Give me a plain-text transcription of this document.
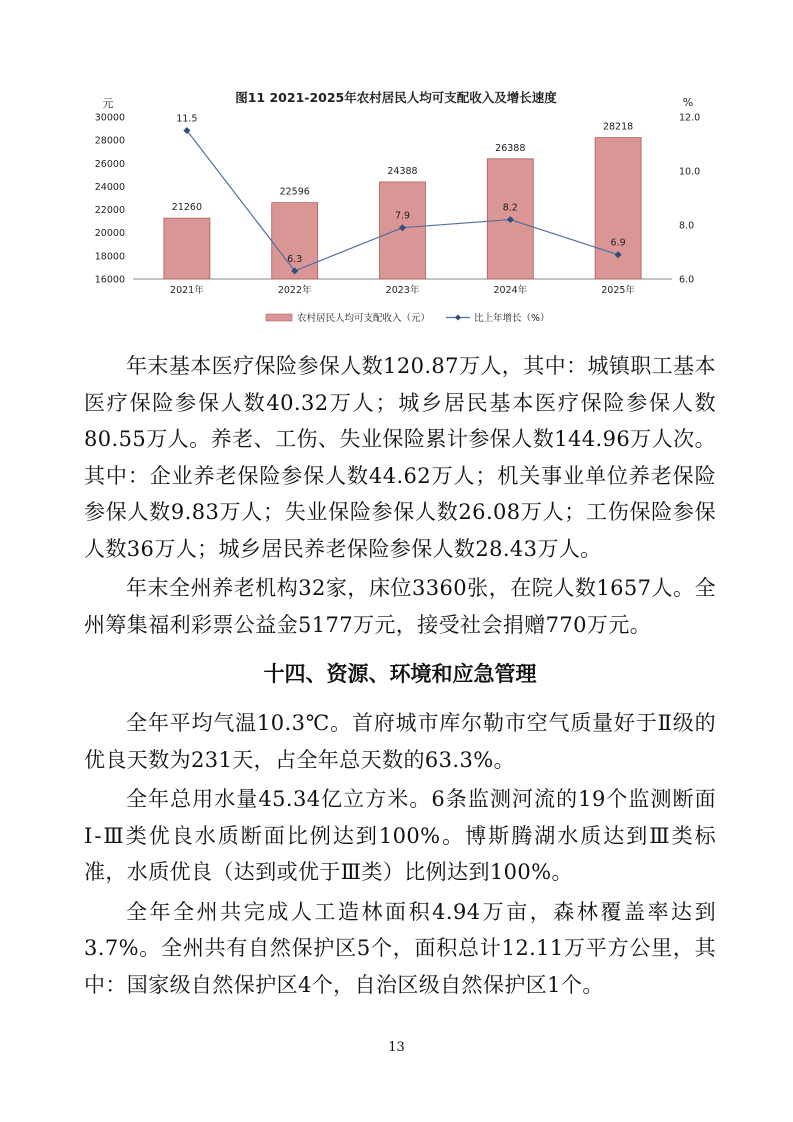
图11 2021-2025年农村居民人均可支配收入及增长速度
元	%
30000
28000
26000
24000
22000
20000
18000
16000
12.0
10.0
8.0
6.0
21260
22596
24388
26388
28218
2021年	2022年	2023年	2024年	2025年
11.5
6.3
7.9
8.2
6.9
农村居民人均可支配收入（元）	比上年增长（%）

年末基本医疗保险参保人数120.87万人，其中：城镇职工基本医疗保险参保人数40.32万人；城乡居民基本医疗保险参保人数80.55万人。养老、工伤、失业保险累计参保人数144.96万人次。其中：企业养老保险参保人数44.62万人；机关事业单位养老保险参保人数9.83万人；失业保险参保人数26.08万人；工伤保险参保人数36万人；城乡居民养老保险参保人数28.43万人。

年末全州养老机构32家，床位3360张，在院人数1657人。全州筹集福利彩票公益金5177万元，接受社会捐赠770万元。

十四、资源、环境和应急管理

全年平均气温10.3℃。首府城市库尔勒市空气质量好于Ⅱ级的优良天数为231天，占全年总天数的63.3%。

全年总用水量45.34亿立方米。6条监测河流的19个监测断面Ⅰ-Ⅲ类优良水质断面比例达到100%。博斯腾湖水质达到Ⅲ类标准，水质优良（达到或优于Ⅲ类）比例达到100%。

全年全州共完成人工造林面积4.94万亩，森林覆盖率达到3.7%。全州共有自然保护区5个，面积总计12.11万平方公里，其中：国家级自然保护区4个，自治区级自然保护区1个。

13
